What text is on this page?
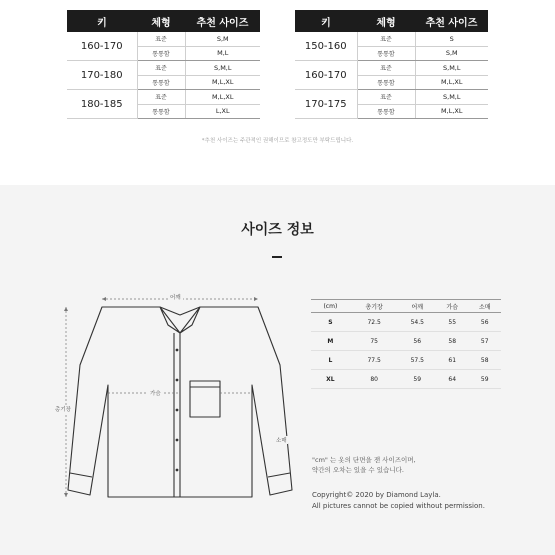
키	체형	추천 사이즈
160-170	표준	S,M
	통통함	M,L
170-180	표준	S,M,L
	통통함	M,L,XL
180-185	표준	M,L,XL
	통통함	L,XL
키	체형	추천 사이즈
150-160	표준	S
	통통함	S,M
160-170	표준	S,M,L
	통통함	M,L,XL
170-175	표준	S,M,L
	통통함	M,L,XL
*추천 사이즈는 주관적인 권해이므로 참고정도만 부탁드립니다.
사이즈 정보
어깨
가슴
총기장
소매
(cm)	총기장	어깨	가슴	소매
S	72.5	54.5	55	56
M	75	56	58	57
L	77.5	57.5	61	58
XL	80	59	64	59
"cm" 는 옷의 단면을 잰 사이즈이며,
약간의 오차는 있을 수 있습니다.
Copyright© 2020 by Diamond Layla.
All pictures cannot be copied without permission.
